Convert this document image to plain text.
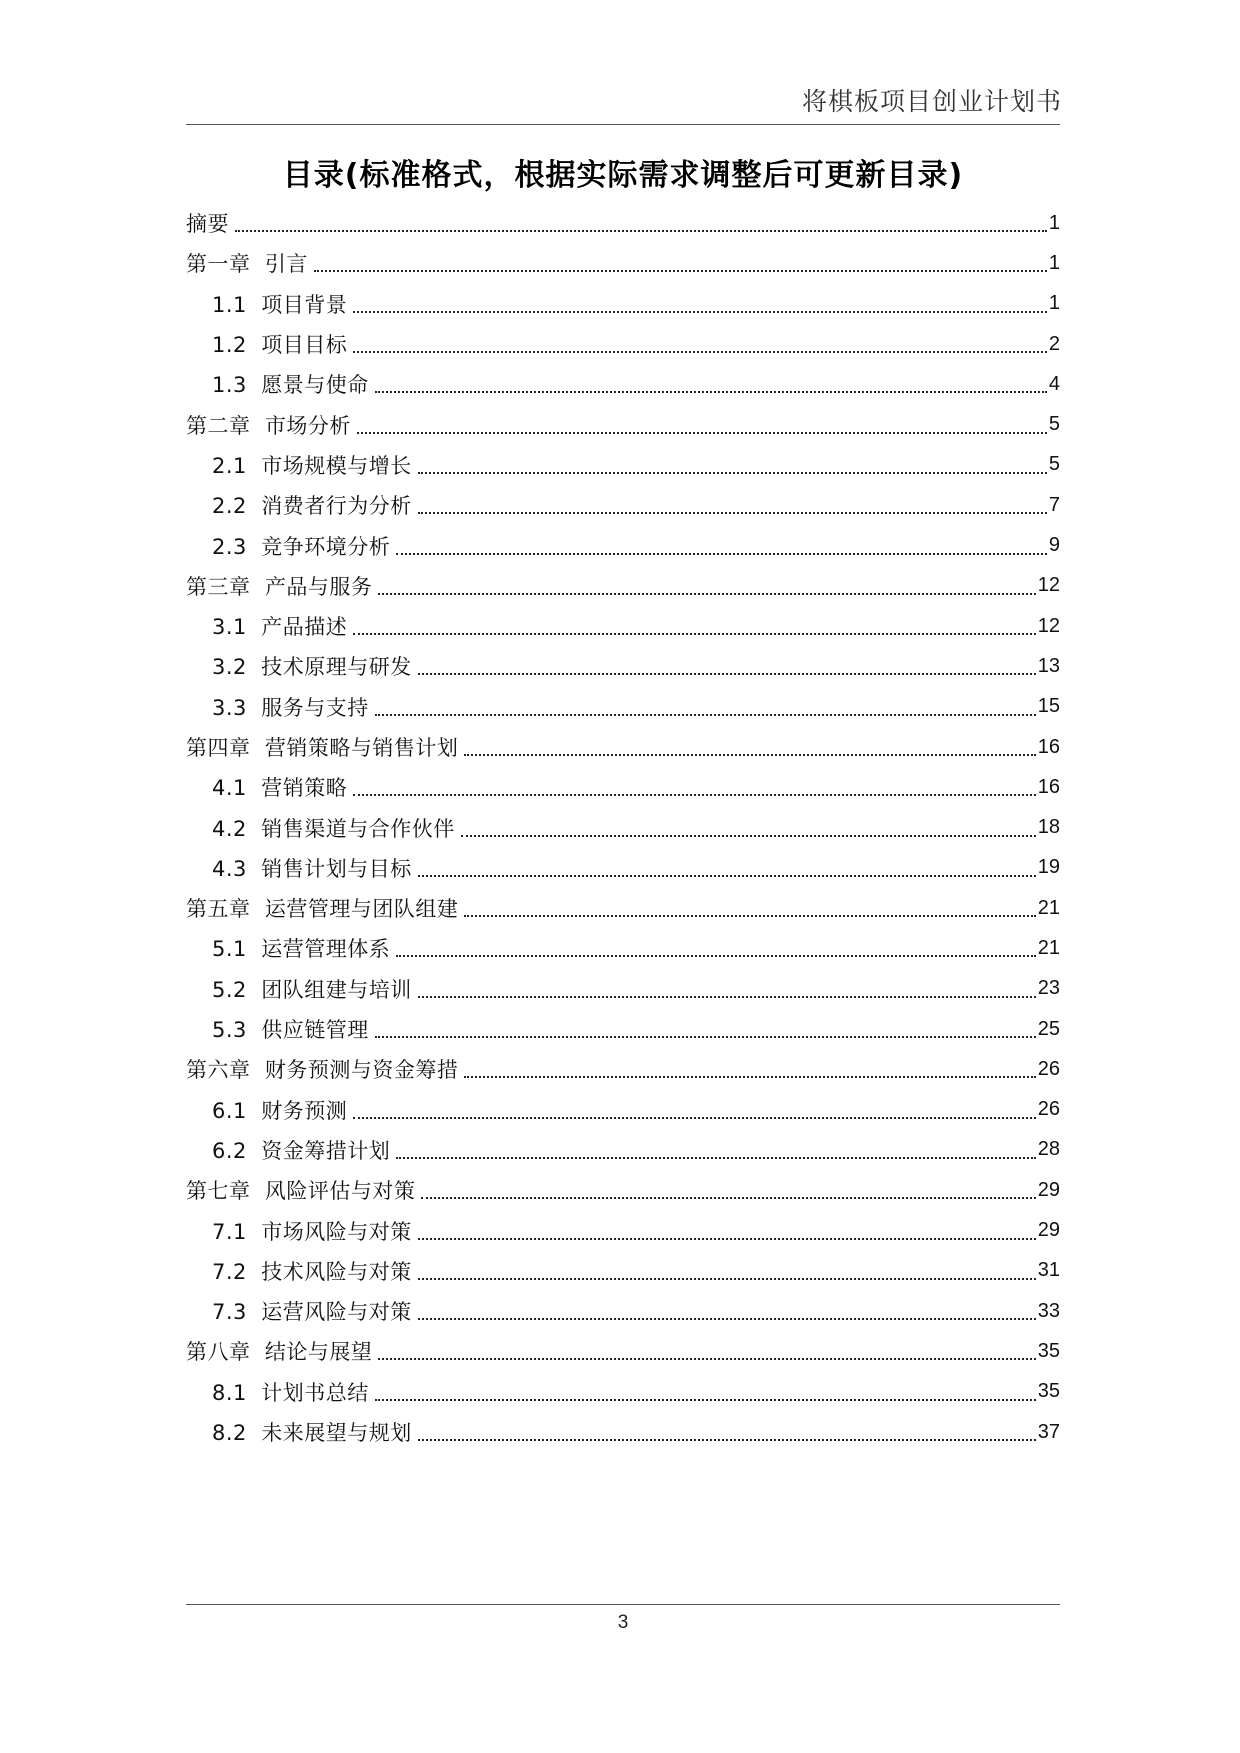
将棋板项目创业计划书
目录(标准格式，根据实际需求调整后可更新目录)
摘要	1
第一章  引言	1
1.1  项目背景	1
1.2  项目目标	2
1.3  愿景与使命	4
第二章  市场分析	5
2.1  市场规模与增长	5
2.2  消费者行为分析	7
2.3  竞争环境分析	9
第三章  产品与服务	12
3.1  产品描述	12
3.2  技术原理与研发	13
3.3  服务与支持	15
第四章  营销策略与销售计划	16
4.1  营销策略	16
4.2  销售渠道与合作伙伴	18
4.3  销售计划与目标	19
第五章  运营管理与团队组建	21
5.1  运营管理体系	21
5.2  团队组建与培训	23
5.3  供应链管理	25
第六章  财务预测与资金筹措	26
6.1  财务预测	26
6.2  资金筹措计划	28
第七章  风险评估与对策	29
7.1  市场风险与对策	29
7.2  技术风险与对策	31
7.3  运营风险与对策	33
第八章  结论与展望	35
8.1  计划书总结	35
8.2  未来展望与规划	37
3
